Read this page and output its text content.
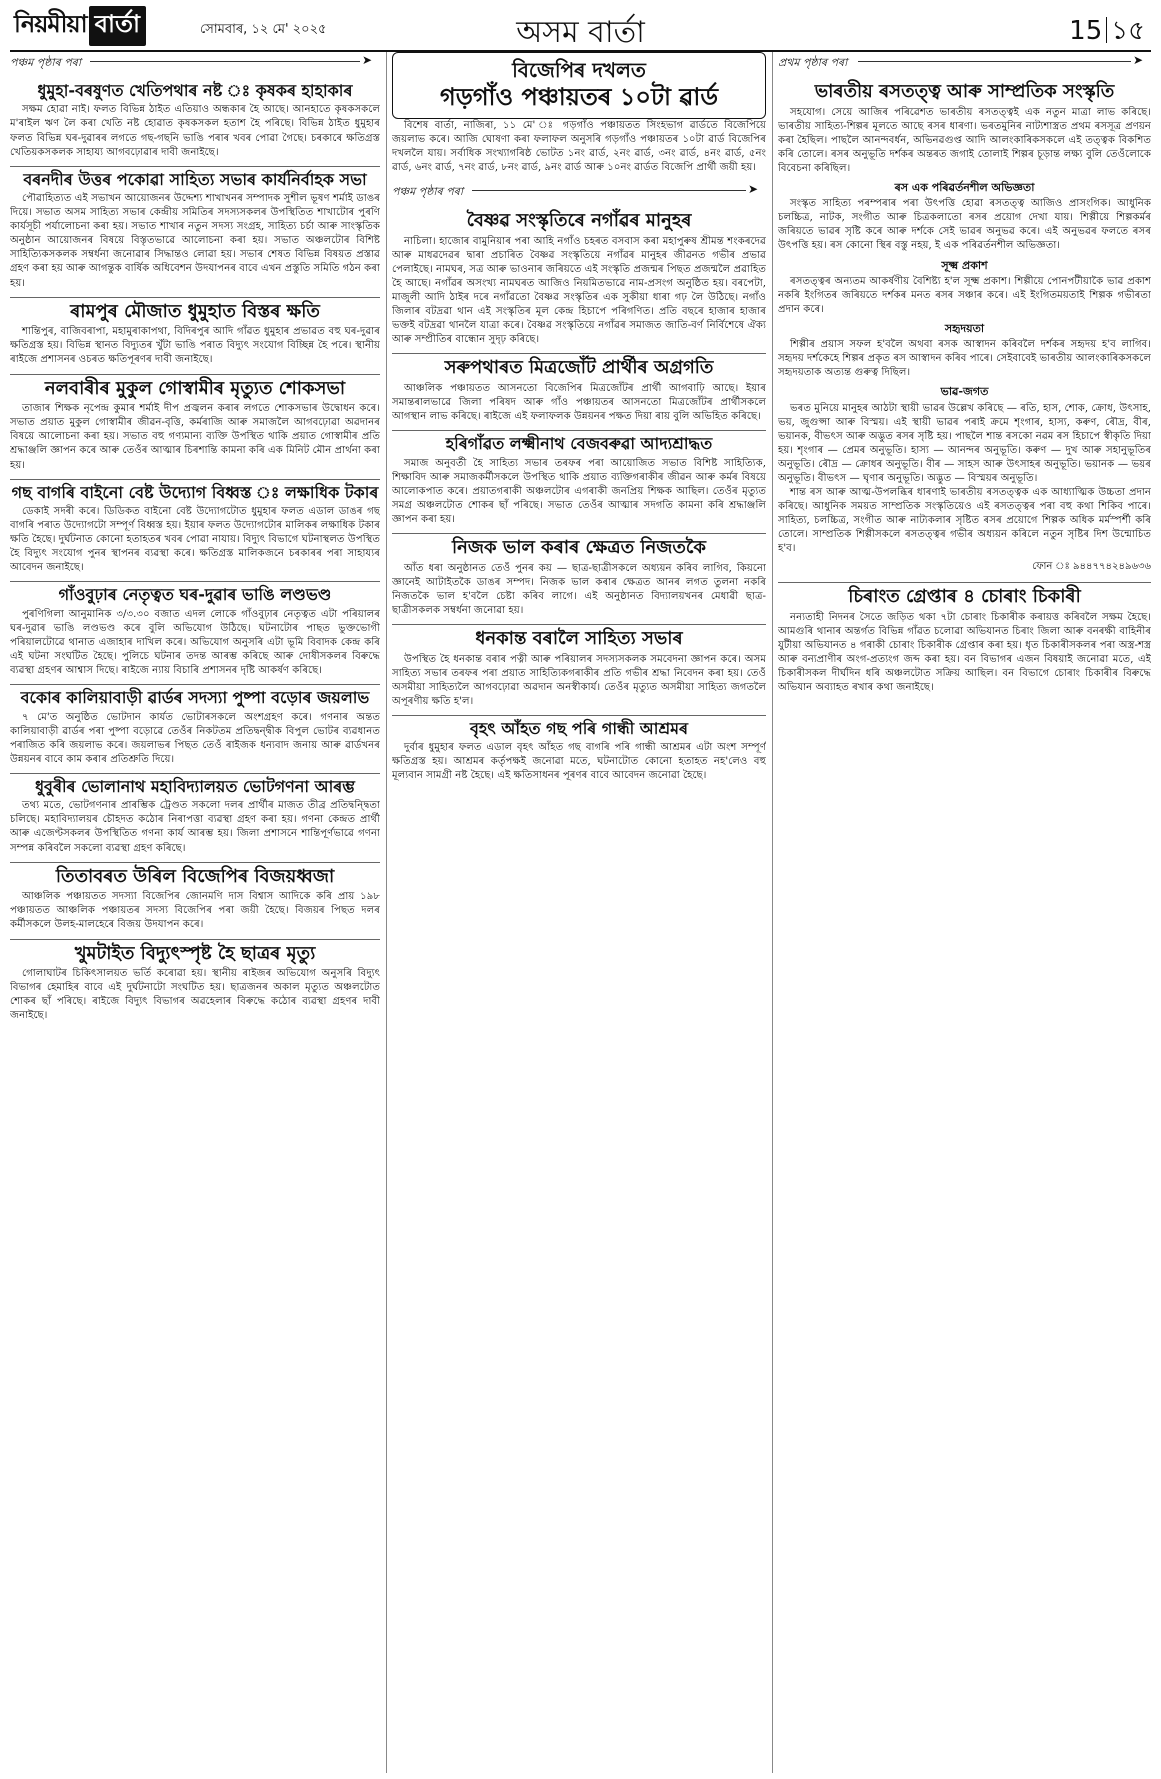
নিয়মীয়া বার্তা	সোমবাৰ, ১২ মে' ২০২৫	অসম বাৰ্তা	15 ১৫
পঞ্চম পৃষ্ঠাৰ পৰা	➤
ধুমুহা-বৰষুণত খেতিপথাৰ নষ্ট ঃ কৃষকৰ হাহাকাৰ

সক্ষম হোৱা নাই। ফলত বিভিন্ন ঠাইত এতিয়াও অন্ধকাৰ হৈ আছে। আনহাতে কৃষকসকলে ম'ৰাইল ঋণ লৈ কৰা খেতি নষ্ট হোৱাত কৃষকসকল হতাশ হৈ পৰিছে। বিভিন্ন ঠাইত ধুমুহাৰ ফলত বিভিন্ন ঘৰ-দুৱাৰৰ লগতে গছ-গছনি ভাঙি পৰাৰ খবৰ পোৱা গৈছে। চৰকাৰে ক্ষতিগ্ৰস্ত খেতিয়কসকলক সাহায্য আগবঢ়োৱাৰ দাবী জনাইছে।

বৰনদীৰ উত্তৰ পকোৱা সাহিত্য সভাৰ কাৰ্যনিৰ্বাহক সভা

পৌৱাহিত্যত এই সভাখন আয়োজনৰ উদ্দেশ্য শাখাখনৰ সম্পাদক সুশীল ভূষণ শৰ্মাই ডাঙৰ দিয়ে। সভাত অসম সাহিত্য সভাৰ কেন্দ্ৰীয় সমিতিৰ সদস্যসকলৰ উপস্থিতিত শাখাটোৰ পুৰণি কাৰ্যসূচী পৰ্যালোচনা কৰা হয়। সভাত শাখাৰ নতুন সদস্য সংগ্ৰহ, সাহিত্য চৰ্চা আৰু সাংস্কৃতিক অনুষ্ঠান আয়োজনৰ বিষয়ে বিস্তৃতভাৱে আলোচনা কৰা হয়। সভাত অঞ্চলটোৰ বিশিষ্ট সাহিত্যিকসকলক সম্বৰ্ধনা জনোৱাৰ সিদ্ধান্তও লোৱা হয়। সভাৰ শেষত বিভিন্ন বিষয়ত প্ৰস্তাৱ গ্ৰহণ কৰা হয় আৰু আগন্তুক বাৰ্ষিক অধিবেশন উদযাপনৰ বাবে এখন প্ৰস্তুতি সমিতি গঠন কৰা হয়।

ৰামপুৰ মৌজাত ধুমুহাত বিস্তৰ ক্ষতি

শান্তিপুৰ, বাজিবৰাপা, মহামুৰাকাপথা, বিদিৰপুৰ আদি গাঁৱত ধুমুহাৰ প্ৰভাৱত বহু ঘৰ-দুৱাৰ ক্ষতিগ্ৰস্ত হয়। বিভিন্ন স্থানত বিদ্যুতৰ খুঁটা ভাঙি পৰাত বিদ্যুৎ সংযোগ বিচ্ছিন্ন হৈ পৰে। স্থানীয় ৰাইজে প্ৰশাসনৰ ওচৰত ক্ষতিপূৰণৰ দাবী জনাইছে।

নলবাৰীৰ মুকুল গোস্বামীৰ মৃত্যুত শোকসভা

তাজাৰ শিক্ষক নৃপেন্দ্ৰ কুমাৰ শৰ্মাই দীপ প্ৰজ্বলন কৰাৰ লগতে শোকসভাৰ উদ্বোধন কৰে। সভাত প্ৰয়াত মুকুল গোস্বামীৰ জীৱন-বৃত্তি, কৰ্মৰাজি আৰু সমাজলৈ আগবঢ়োৱা অৱদানৰ বিষয়ে আলোচনা কৰা হয়। সভাত বহু গণ্যমান্য ব্যক্তি উপস্থিত থাকি প্ৰয়াত গোস্বামীৰ প্ৰতি শ্ৰদ্ধাঞ্জলি জ্ঞাপন কৰে আৰু তেওঁৰ আত্মাৰ চিৰশান্তি কামনা কৰি এক মিনিট মৌন প্ৰাৰ্থনা কৰা হয়।

গছ বাগৰি বাইনো বেষ্ট উদ্যোগ বিধ্বস্ত ঃ লক্ষাধিক টকাৰ

ডেকাই সদৰী কৰে। ডিডিকত বাইনো বেষ্ট উদ্যোগটোত ধুমুহাৰ ফলত এডাল ডাঙৰ গছ বাগৰি পৰাত উদ্যোগটো সম্পূৰ্ণ বিধ্বস্ত হয়। ইয়াৰ ফলত উদ্যোগটোৰ মালিকৰ লক্ষাধিক টকাৰ ক্ষতি হৈছে। দুৰ্ঘটনাত কোনো হতাহতৰ খবৰ পোৱা নাযায়। বিদ্যুৎ বিভাগে ঘটনাস্থলত উপস্থিত হৈ বিদ্যুৎ সংযোগ পুনৰ স্থাপনৰ ব্যৱস্থা কৰে। ক্ষতিগ্ৰস্ত মালিকজনে চৰকাৰৰ পৰা সাহায্যৰ আবেদন জনাইছে।

গাঁওবুঢ়াৰ নেতৃত্বত ঘৰ-দুৱাৰ ভাঙি লণ্ডভণ্ড

পুৰণিগিলা আনুমানিক ৩/৩.৩০ বজাত এদল লোকে গাঁওবুঢ়াৰ নেতৃত্বত এটা পৰিয়ালৰ ঘৰ-দুৱাৰ ভাঙি লণ্ডভণ্ড কৰে বুলি অভিযোগ উঠিছে। ঘটনাটোৰ পাছত ভুক্তভোগী পৰিয়ালটোৱে থানাত এজাহাৰ দাখিল কৰে। অভিযোগ অনুসৰি এটা ভূমি বিবাদক কেন্দ্ৰ কৰি এই ঘটনা সংঘটিত হৈছে। পুলিচে ঘটনাৰ তদন্ত আৰম্ভ কৰিছে আৰু দোষীসকলৰ বিৰুদ্ধে ব্যৱস্থা গ্ৰহণৰ আশ্বাস দিছে। ৰাইজে ন্যায় বিচাৰি প্ৰশাসনৰ দৃষ্টি আকৰ্ষণ কৰিছে।

বকোৰ কালিয়াবাড়ী ৱাৰ্ডৰ সদস্যা পুষ্পা বড়োৰ জয়লাভ

৭ মে'ত অনুষ্ঠিত ভোটদান কাৰ্যত ভোটাৰসকলে অংশগ্ৰহণ কৰে। গণনাৰ অন্তত কালিয়াবাড়ী ৱাৰ্ডৰ পৰা পুষ্পা বড়োৱে তেওঁৰ নিকটতম প্ৰতিদ্বন্দ্বীক বিপুল ভোটৰ ব্যৱধানত পৰাজিত কৰি জয়লাভ কৰে। জয়লাভৰ পিছত তেওঁ ৰাইজক ধন্যবাদ জনায় আৰু ৱাৰ্ডখনৰ উন্নয়নৰ বাবে কাম কৰাৰ প্ৰতিশ্ৰুতি দিয়ে।

ধুবুৰীৰ ভোলানাথ মহাবিদ্যালয়ত ভোটগণনা আৰম্ভ

তথ্য মতে, ভোটগণনাৰ প্ৰাৰম্ভিক ট্ৰেণ্ডত সকলো দলৰ প্ৰাৰ্থীৰ মাজত তীব্ৰ প্ৰতিদ্বন্দ্বিতা চলিছে। মহাবিদ্যালয়ৰ চৌহদত কঠোৰ নিৰাপত্তা ব্যৱস্থা গ্ৰহণ কৰা হয়। গণনা কেন্দ্ৰত প্ৰাৰ্থী আৰু এজেণ্টসকলৰ উপস্থিতিত গণনা কাৰ্য আৰম্ভ হয়। জিলা প্ৰশাসনে শান্তিপূৰ্ণভাৱে গণনা সম্পন্ন কৰিবলৈ সকলো ব্যৱস্থা গ্ৰহণ কৰিছে।

তিতাবৰত উৰিল বিজেপিৰ বিজয়ধ্বজা

আঞ্চলিক পঞ্চায়তত সদস্যা বিজেপিৰ জোনমণি দাস বিশ্বাস আদিকে কৰি প্ৰায় ১৯৮ পঞ্চায়তত আঞ্চলিক পঞ্চায়তৰ সদস্য বিজেপিৰ পৰা জয়ী হৈছে। বিজয়ৰ পিছত দলৰ কৰ্মীসকলে উলহ-মালহেৰে বিজয় উদযাপন কৰে।

খুমটাইত বিদ্যুৎস্পৃষ্ট হৈ ছাত্ৰৰ মৃত্যু

গোলাঘাটৰ চিকিৎসালয়ত ভৰ্তি কৰোৱা হয়। স্থানীয় ৰাইজৰ অভিযোগ অনুসৰি বিদ্যুৎ বিভাগৰ হেমাহিৰ বাবে এই দুৰ্ঘটনাটো সংঘটিত হয়। ছাত্ৰজনৰ অকাল মৃত্যুত অঞ্চলটোত শোকৰ ছাঁ পৰিছে। ৰাইজে বিদ্যুৎ বিভাগৰ অৱহেলাৰ বিৰুদ্ধে কঠোৰ ব্যৱস্থা গ্ৰহণৰ দাবী জনাইছে।

বিজেপিৰ দখলত
গড়গাঁও পঞ্চায়তৰ ১০টা ৱাৰ্ড

বিশেষ বাৰ্তা, নাজিৰা, ১১ মে' ঃ গড়গাঁও পঞ্চায়তত সিংহভাগ ৱাৰ্ডতে বিজেপিয়ে জয়লাভ কৰে। আজি ঘোষণা কৰা ফলাফল অনুসৰি গড়গাঁও পঞ্চায়তৰ ১০টা ৱাৰ্ড বিজেপিৰ দখললৈ যায়। সৰ্বাধিক সংখ্যাগৰিষ্ঠ ভোটত ১নং ৱাৰ্ড, ২নং ৱাৰ্ড, ৩নং ৱাৰ্ড, ৪নং ৱাৰ্ড, ৫নং ৱাৰ্ড, ৬নং ৱাৰ্ড, ৭নং ৱাৰ্ড, ৮নং ৱাৰ্ড, ৯নং ৱাৰ্ড আৰু ১০নং ৱাৰ্ডত বিজেপি প্ৰাৰ্থী জয়ী হয়।

পঞ্চম পৃষ্ঠাৰ পৰা	➤
বৈষ্ণৱ সংস্কৃতিৰে নগাঁৱৰ মানুহৰ

নাচিলা। হাজোৰ বামুনিয়াৰ পৰা আহি নগাঁও চহৰত বসবাস কৰা মহাপুৰুষ শ্ৰীমন্ত শংকৰদেৱ আৰু মাধৱদেৱৰ দ্বাৰা প্ৰচাৰিত বৈষ্ণৱ সংস্কৃতিয়ে নগাঁৱৰ মানুহৰ জীৱনত গভীৰ প্ৰভাৱ পেলাইছে। নামঘৰ, সত্ৰ আৰু ভাওনাৰ জৰিয়তে এই সংস্কৃতি প্ৰজন্মৰ পিছত প্ৰজন্মলৈ প্ৰৱাহিত হৈ আছে। নগাঁৱৰ অসংখ্য নামঘৰত আজিও নিয়মিতভাৱে নাম-প্ৰসংগ অনুষ্ঠিত হয়। বৰপেটা, মাজুলী আদি ঠাইৰ দৰে নগাঁৱতো বৈষ্ণৱ সংস্কৃতিৰ এক সুকীয়া ধাৰা গঢ় লৈ উঠিছে। নগাঁও জিলাৰ বটদ্ৰৱা থান এই সংস্কৃতিৰ মূল কেন্দ্ৰ হিচাপে পৰিগণিত। প্ৰতি বছৰে হাজাৰ হাজাৰ ভক্তই বটদ্ৰৱা থানলৈ যাত্ৰা কৰে। বৈষ্ণৱ সংস্কৃতিয়ে নগাঁৱৰ সমাজত জাতি-বৰ্ণ নিৰ্বিশেষে ঐক্য আৰু সম্প্ৰীতিৰ বান্ধোন সুদৃঢ় কৰিছে।

সৰুপথাৰত মিত্ৰজোঁট প্ৰাৰ্থীৰ অগ্ৰগতি

আঞ্চলিক পঞ্চায়তত আসনতো বিজেপিৰ মিত্ৰজোঁটৰ প্ৰাৰ্থী আগবাঢ়ি আছে। ইয়াৰ সমান্তৰালভাৱে জিলা পৰিষদ আৰু গাঁও পঞ্চায়তৰ আসনতো মিত্ৰজোঁটৰ প্ৰাৰ্থীসকলে আগস্থান লাভ কৰিছে। ৰাইজে এই ফলাফলক উন্নয়নৰ পক্ষত দিয়া ৰায় বুলি অভিহিত কৰিছে।

হৰিগাঁৱত লক্ষ্মীনাথ বেজবৰুৱা আদ্যশ্ৰাদ্ধত

সমাজ অনুবৰ্তী হৈ সাহিত্য সভাৰ তৰফৰ পৰা আয়োজিত সভাত বিশিষ্ট সাহিত্যিক, শিক্ষাবিদ আৰু সমাজকৰ্মীসকলে উপস্থিত থাকি প্ৰয়াত ব্যক্তিগৰাকীৰ জীৱন আৰু কৰ্মৰ বিষয়ে আলোকপাত কৰে। প্ৰয়াতগৰাকী অঞ্চলটোৰ এগৰাকী জনপ্ৰিয় শিক্ষক আছিল। তেওঁৰ মৃত্যুত সমগ্ৰ অঞ্চলটোত শোকৰ ছাঁ পৰিছে। সভাত তেওঁৰ আত্মাৰ সদগতি কামনা কৰি শ্ৰদ্ধাঞ্জলি জ্ঞাপন কৰা হয়।

নিজক ভাল কৰাৰ ক্ষেত্ৰত নিজতকৈ

আঁত ধৰা অনুষ্ঠানত তেওঁ পুনৰ কয় — ছাত্ৰ-ছাত্ৰীসকলে অধ্যয়ন কৰিব লাগিব, কিয়নো জ্ঞানেই আটাইতকৈ ডাঙৰ সম্পদ। নিজক ভাল কৰাৰ ক্ষেত্ৰত আনৰ লগত তুলনা নকৰি নিজতকৈ ভাল হ'বলৈ চেষ্টা কৰিব লাগে। এই অনুষ্ঠানত বিদ্যালয়খনৰ মেধাৱী ছাত্ৰ-ছাত্ৰীসকলক সম্বৰ্ধনা জনোৱা হয়।

ধনকান্ত বৰালৈ সাহিত্য সভাৰ

উপস্থিত হৈ ধনকান্ত বৰাৰ পত্নী আৰু পৰিয়ালৰ সদস্যসকলক সমবেদনা জ্ঞাপন কৰে। অসম সাহিত্য সভাৰ তৰফৰ পৰা প্ৰয়াত সাহিত্যিকগৰাকীৰ প্ৰতি গভীৰ শ্ৰদ্ধা নিবেদন কৰা হয়। তেওঁ অসমীয়া সাহিত্যলৈ আগবঢ়োৱা অৱদান অনস্বীকাৰ্য। তেওঁৰ মৃত্যুত অসমীয়া সাহিত্য জগতলৈ অপূৰণীয় ক্ষতি হ'ল।

বৃহৎ আঁহত গছ পৰি গান্ধী আশ্ৰমৰ

দুৰ্বাৰ ধুমুহাৰ ফলত এডাল বৃহৎ আঁহত গছ বাগৰি পৰি গান্ধী আশ্ৰমৰ এটা অংশ সম্পূৰ্ণ ক্ষতিগ্ৰস্ত হয়। আশ্ৰমৰ কৰ্তৃপক্ষই জনোৱা মতে, ঘটনাটোত কোনো হতাহত নহ'লেও বহু মূল্যবান সামগ্ৰী নষ্ট হৈছে। এই ক্ষতিসাধনৰ পূৰণৰ বাবে আবেদন জনোৱা হৈছে।

প্ৰথম পৃষ্ঠাৰ পৰা	➤
ভাৰতীয় ৰসতত্ত্ব আৰু সাম্প্ৰতিক সংস্কৃতি

সহযোগ। সেয়ে আজিৰ পৰিৱেশত ভাৰতীয় ৰসতত্ত্বই এক নতুন মাত্ৰা লাভ কৰিছে। ভাৰতীয় সাহিত্য-শিল্পৰ মূলতে আছে ৰসৰ ধাৰণা। ভৰতমুনিৰ নাট্যশাস্ত্ৰত প্ৰথম ৰসসূত্ৰ প্ৰণয়ন কৰা হৈছিল। পাছলৈ আনন্দবৰ্ধন, অভিনৱগুপ্ত আদি আলংকাৰিকসকলে এই তত্ত্বক বিকশিত কৰি তোলে। ৰসৰ অনুভূতি দৰ্শকৰ অন্তৰত জগাই তোলাই শিল্পৰ চূড়ান্ত লক্ষ্য বুলি তেওঁলোকে বিবেচনা কৰিছিল।

ৰস এক পৰিৱৰ্তনশীল অভিজ্ঞতা

সংস্কৃত সাহিত্য পৰম্পৰাৰ পৰা উৎপত্তি হোৱা ৰসতত্ত্ব আজিও প্ৰাসংগিক। আধুনিক চলচ্চিত্ৰ, নাটক, সংগীত আৰু চিত্ৰকলাতো ৰসৰ প্ৰয়োগ দেখা যায়। শিল্পীয়ে শিল্পকৰ্মৰ জৰিয়তে ভাৱৰ সৃষ্টি কৰে আৰু দৰ্শকে সেই ভাৱৰ অনুভৱ কৰে। এই অনুভৱৰ ফলতে ৰসৰ উৎপত্তি হয়। ৰস কোনো স্থিৰ বস্তু নহয়, ই এক পৰিৱৰ্তনশীল অভিজ্ঞতা।

সূক্ষ্ম প্ৰকাশ

ৰসতত্ত্বৰ অন্যতম আকৰ্ষণীয় বৈশিষ্ট্য হ'ল সূক্ষ্ম প্ৰকাশ। শিল্পীয়ে পোনপটীয়াকৈ ভাৱ প্ৰকাশ নকৰি ইংগিতৰ জৰিয়তে দৰ্শকৰ মনত ৰসৰ সঞ্চাৰ কৰে। এই ইংগিতময়তাই শিল্পক গভীৰতা প্ৰদান কৰে।

সহৃদয়তা

শিল্পীৰ প্ৰয়াস সফল হ'বলৈ অথবা ৰসক আস্বাদন কৰিবলৈ দৰ্শকৰ সহৃদয় হ'ব লাগিব। সহৃদয় দৰ্শকেহে শিল্পৰ প্ৰকৃত ৰস আস্বাদন কৰিব পাৰে। সেইবাবেই ভাৰতীয় আলংকাৰিকসকলে সহৃদয়তাক অত্যন্ত গুৰুত্ব দিছিল।

ভাৱ-জগত

ভৰত মুনিয়ে মানুহৰ আঠটা স্থায়ী ভাৱৰ উল্লেখ কৰিছে — ৰতি, হাস, শোক, ক্ৰোধ, উৎসাহ, ভয়, জুগুপ্সা আৰু বিস্ময়। এই স্থায়ী ভাৱৰ পৰাই ক্ৰমে শৃংগাৰ, হাস্য, কৰুণ, ৰৌদ্ৰ, বীৰ, ভয়ানক, বীভৎস আৰু অদ্ভুত ৰসৰ সৃষ্টি হয়। পাছলৈ শান্ত ৰসকো নৱম ৰস হিচাপে স্বীকৃতি দিয়া হয়। শৃংগাৰ — প্ৰেমৰ অনুভূতি। হাস্য — আনন্দৰ অনুভূতি। কৰুণ — দুখ আৰু সহানুভূতিৰ অনুভূতি। ৰৌদ্ৰ — ক্ৰোধৰ অনুভূতি। বীৰ — সাহস আৰু উৎসাহৰ অনুভূতি। ভয়ানক — ভয়ৰ অনুভূতি। বীভৎস — ঘৃণাৰ অনুভূতি। অদ্ভুত — বিস্ময়ৰ অনুভূতি।

শান্ত ৰস আৰু আত্ম-উপলব্ধিৰ ধাৰণাই ভাৰতীয় ৰসতত্ত্বক এক আধ্যাত্মিক উচ্চতা প্ৰদান কৰিছে। আধুনিক সময়ত সাম্প্ৰতিক সংস্কৃতিয়েও এই ৰসতত্ত্বৰ পৰা বহু কথা শিকিব পাৰে। সাহিত্য, চলচ্চিত্ৰ, সংগীত আৰু নাট্যকলাৰ সৃষ্টিত ৰসৰ প্ৰয়োগে শিল্পক অধিক মৰ্মস্পৰ্শী কৰি তোলে। সাম্প্ৰতিক শিল্পীসকলে ৰসতত্ত্বৰ গভীৰ অধ্যয়ন কৰিলে নতুন সৃষ্টিৰ দিশ উন্মোচিত হ'ব।

ফোন ঃ ৯৪৪৭৭৪২৪৯৬৩৬
চিৰাংত গ্ৰেপ্তাৰ ৪ চোৰাং চিকাৰী

নন্যতাহী নিদনৰ সৈতে জড়িত থকা ৭টা চোৰাং চিকাৰীক কৰায়ত্ত কৰিবলৈ সক্ষম হৈছে। আমগুৰি থানাৰ অন্তৰ্গত বিভিন্ন গাঁৱত চলোৱা অভিযানত চিৰাং জিলা আৰু বনৰক্ষী বাহিনীৰ যুটীয়া অভিযানত ৪ গৰাকী চোৰাং চিকাৰীক গ্ৰেপ্তাৰ কৰা হয়। ধৃত চিকাৰীসকলৰ পৰা অস্ত্ৰ-শস্ত্ৰ আৰু বন্যপ্ৰাণীৰ অংগ-প্ৰত্যংগ জব্দ কৰা হয়। বন বিভাগৰ এজন বিষয়াই জনোৱা মতে, এই চিকাৰীসকল দীৰ্ঘদিন ধৰি অঞ্চলটোত সক্ৰিয় আছিল। বন বিভাগে চোৰাং চিকাৰীৰ বিৰুদ্ধে অভিযান অব্যাহত ৰখাৰ কথা জনাইছে।
